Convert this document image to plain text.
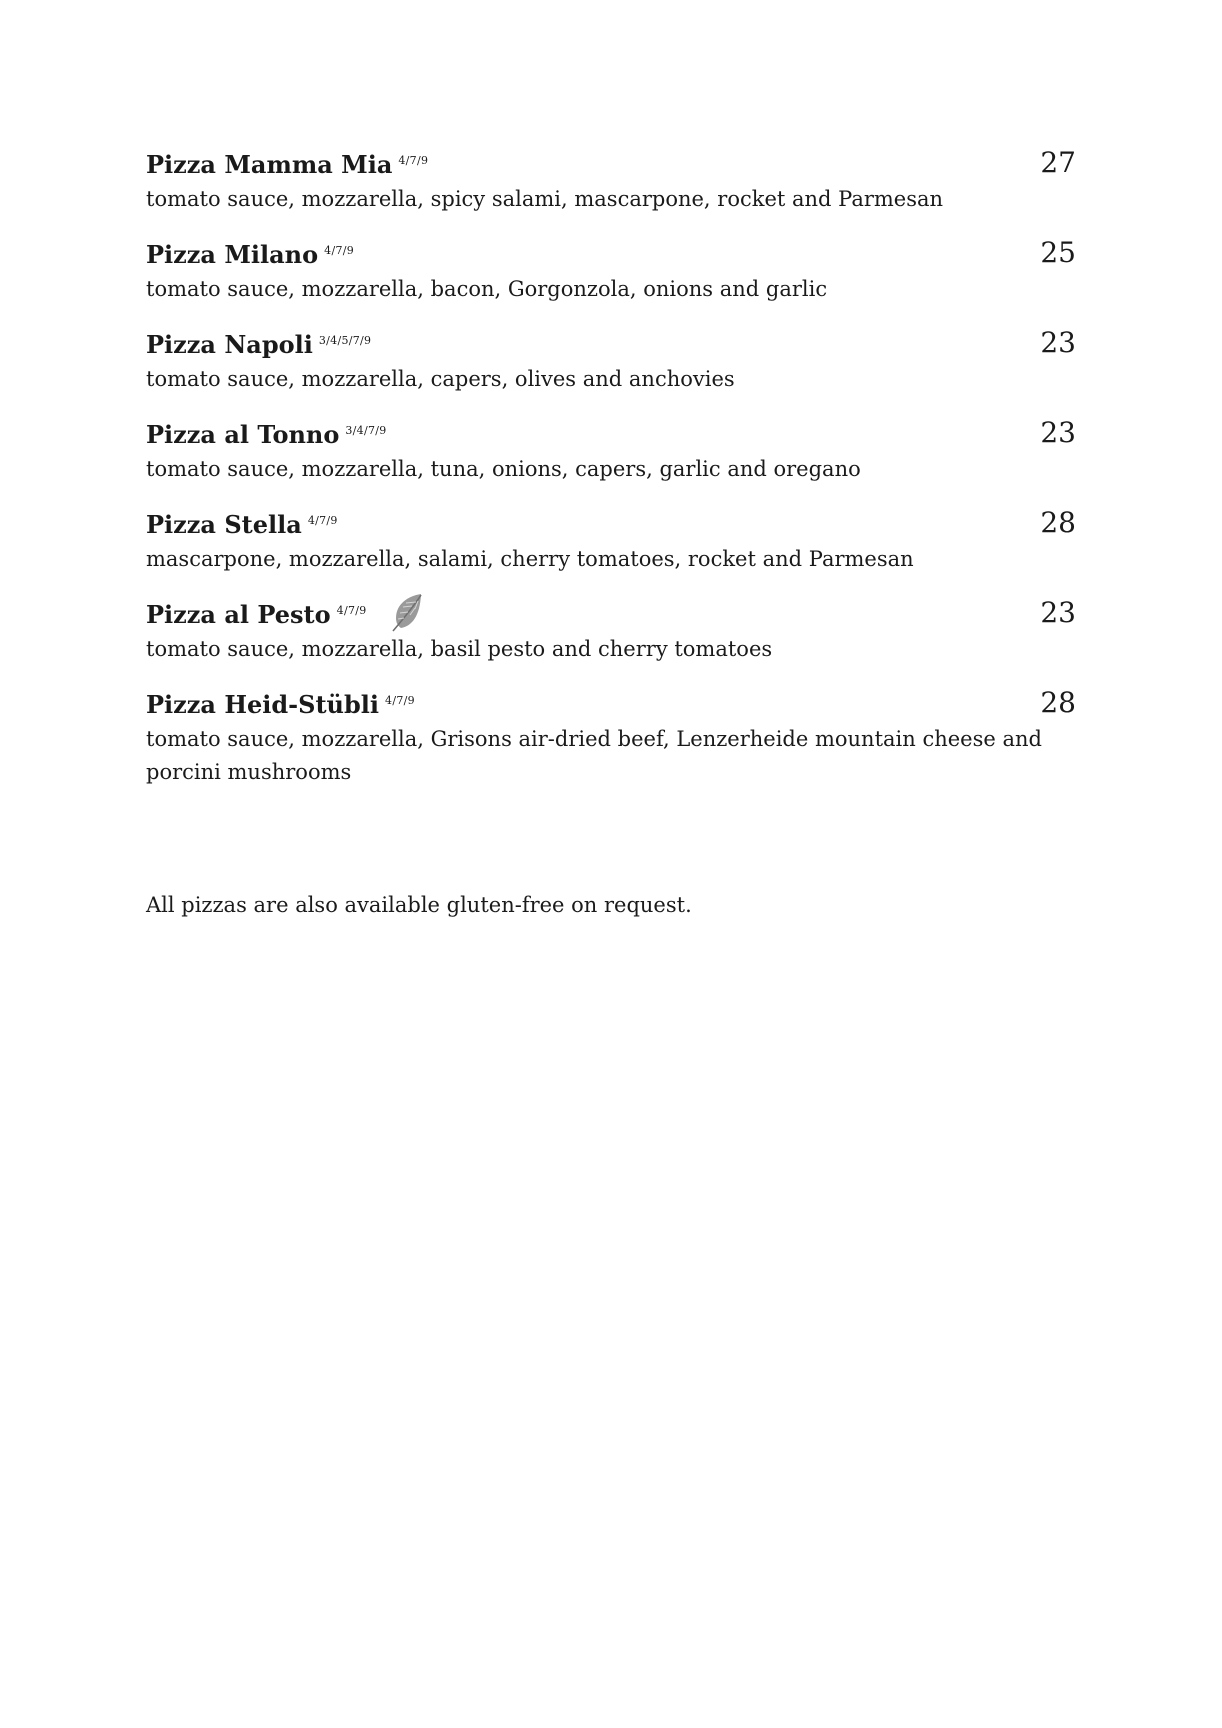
Pizza Mamma Mia 4/7/9	27
tomato sauce, mozzarella, spicy salami, mascarpone, rocket and Parmesan
Pizza Milano 4/7/9	25
tomato sauce, mozzarella, bacon, Gorgonzola, onions and garlic
Pizza Napoli 3/4/5/7/9	23
tomato sauce, mozzarella, capers, olives and anchovies
Pizza al Tonno 3/4/7/9	23
tomato sauce, mozzarella, tuna, onions, capers, garlic and oregano
Pizza Stella 4/7/9	28
mascarpone, mozzarella, salami, cherry tomatoes, rocket and Parmesan
Pizza al Pesto 4/7/9	23
tomato sauce, mozzarella, basil pesto and cherry tomatoes
Pizza Heid-Stübli 4/7/9	28
tomato sauce, mozzarella, Grisons air-dried beef, Lenzerheide mountain cheese and porcini mushrooms
All pizzas are also available gluten-free on request.
